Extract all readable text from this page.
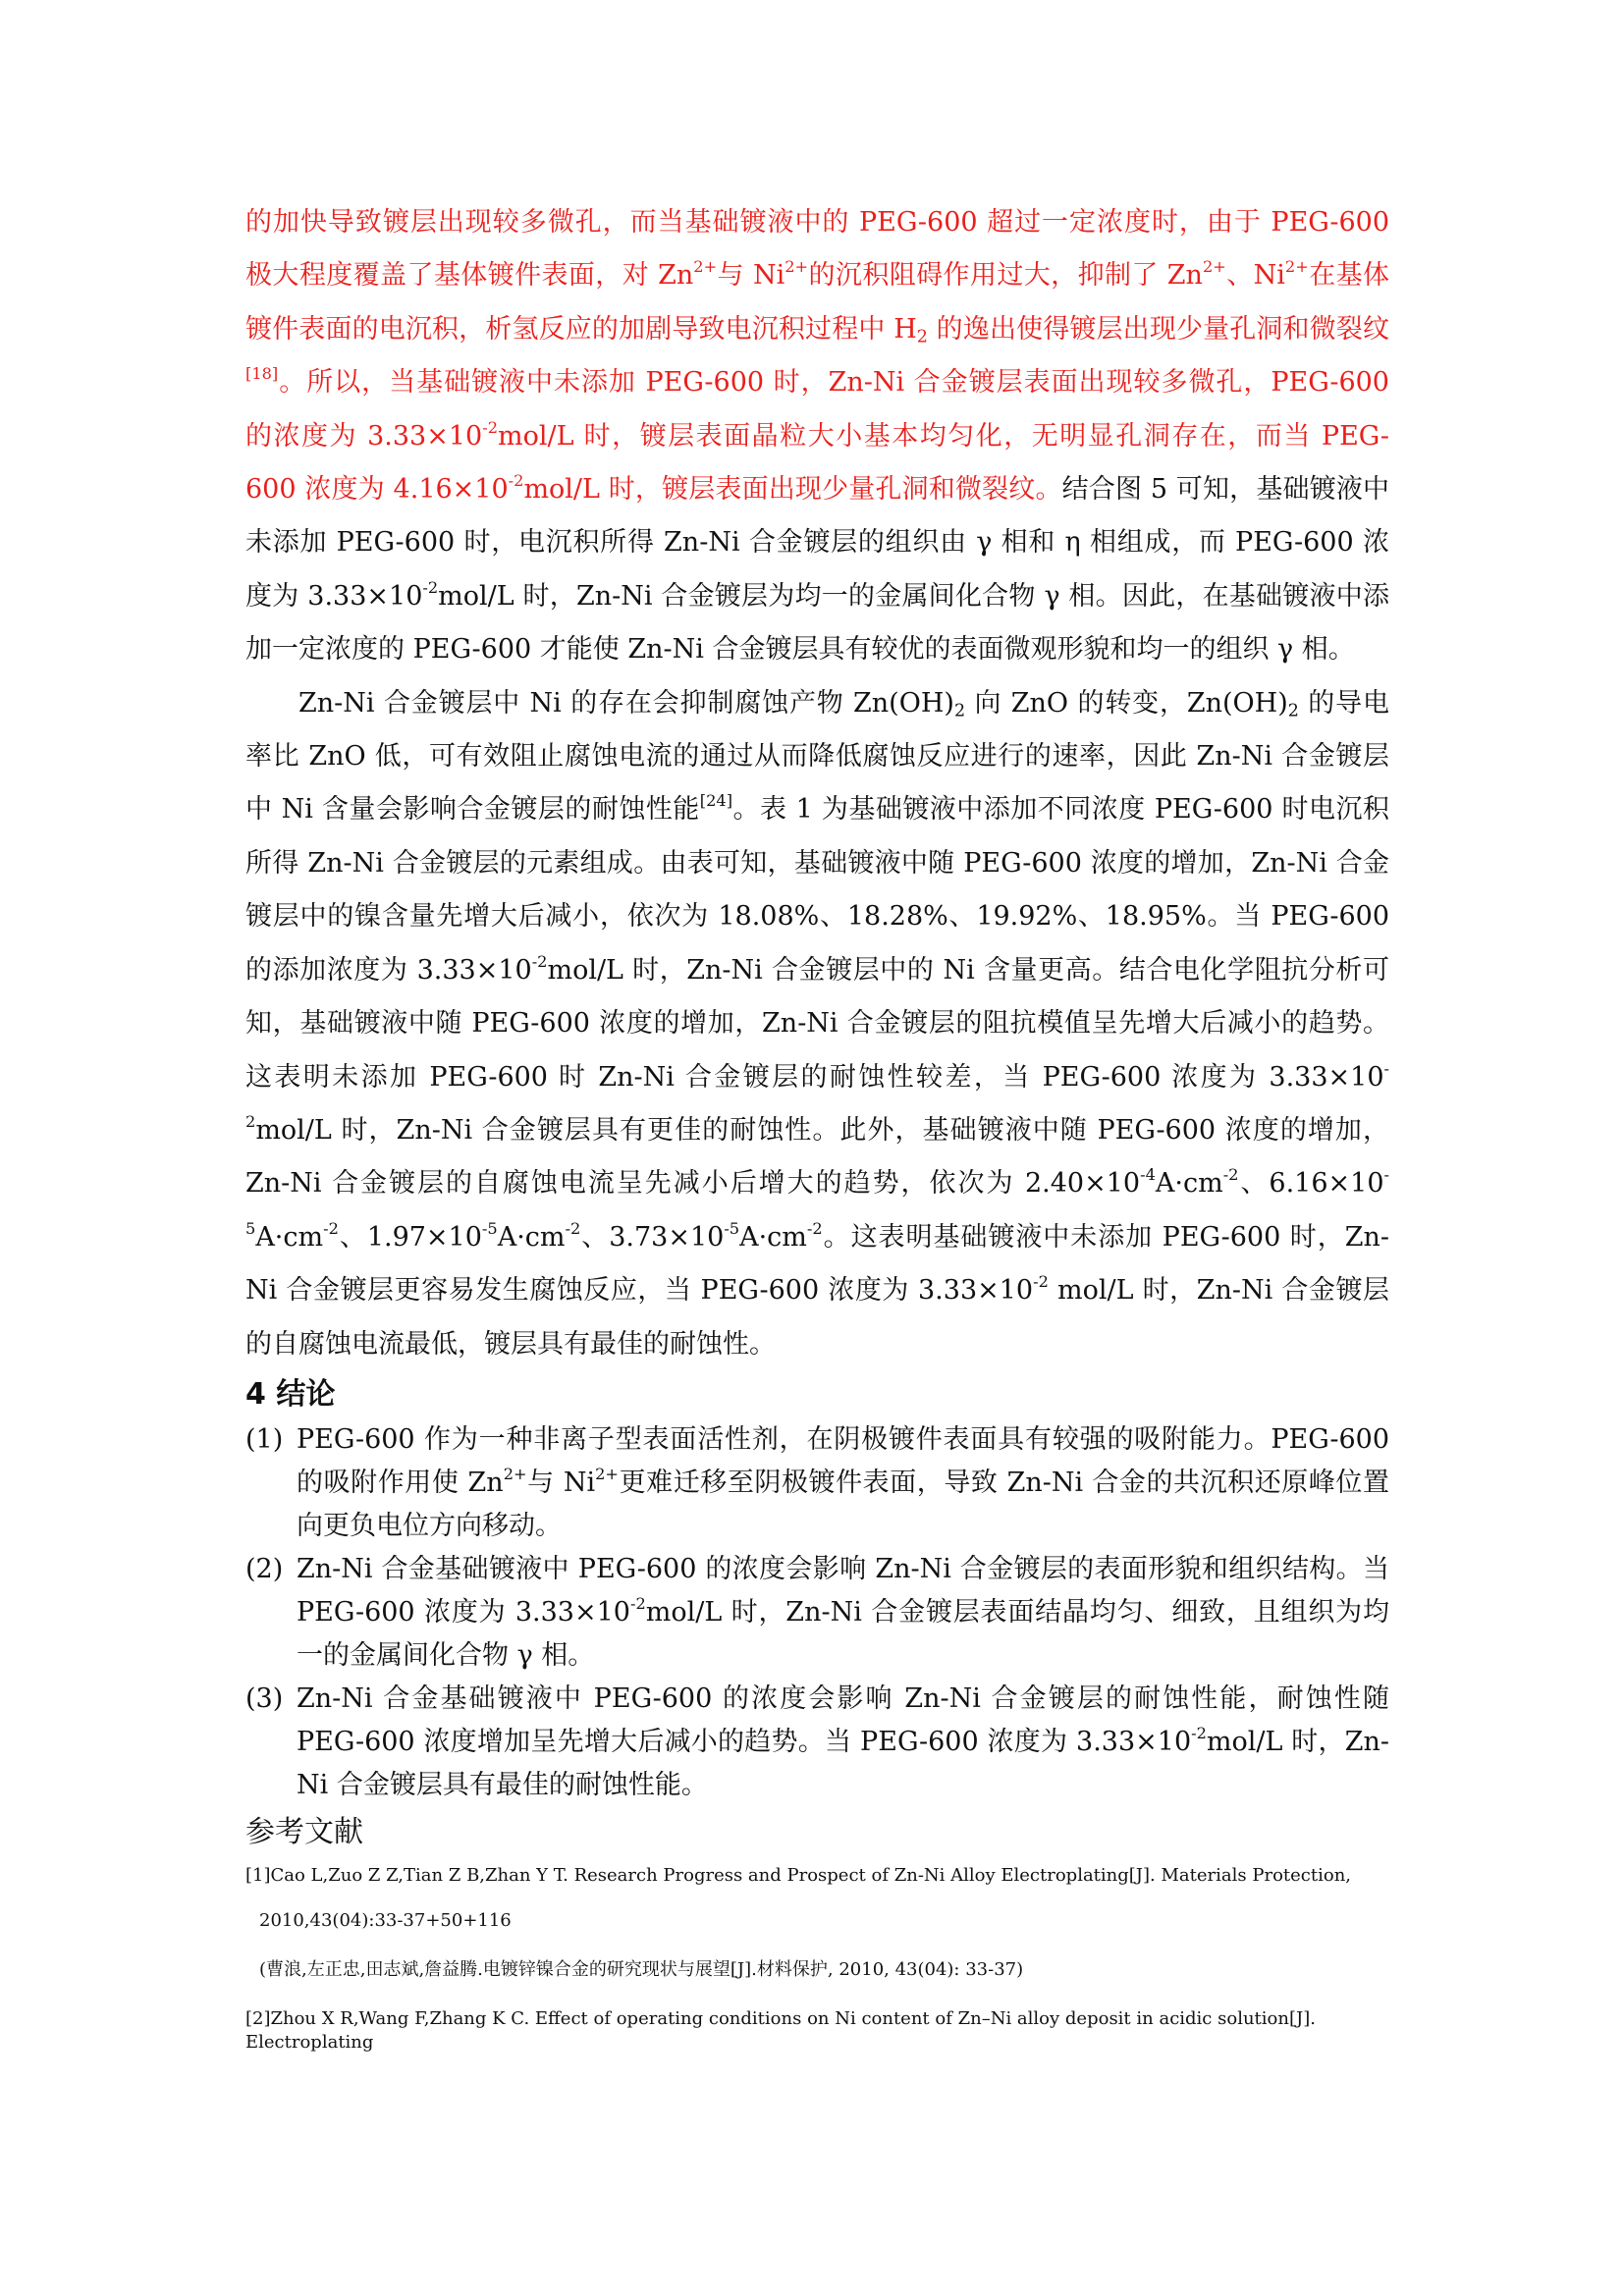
的加快导致镀层出现较多微孔，而当基础镀液中的 PEG-600 超过一定浓度时，由于 PEG-600 极大程度覆盖了基体镀件表面，对 $Zn^{2+}$与 $Ni^{2+}$的沉积阻碍作用过大，抑制了 $Zn^{2+}$、$Ni^{2+}$在基体镀件表面的电沉积，析氢反应的加剧导致电沉积过程中 $H_2$ 的逸出使得镀层出现少量孔洞和微裂纹[18]。所以，当基础镀液中未添加 PEG-600 时，Zn-Ni 合金镀层表面出现较多微孔，PEG-600 的浓度为 $3.33\times 10^{-2}mol/L$ 时，镀层表面晶粒大小基本均匀化，无明显孔洞存在，而当 PEG-600 浓度为 $4.16\times 10^{-2}mol/L$ 时，镀层表面出现少量孔洞和微裂纹。结合图 5 可知，基础镀液中未添加 PEG-600 时，电沉积所得 Zn-Ni 合金镀层的组织由 γ 相和 η 相组成，而 PEG-600 浓度为 $3.33\times 10^{-2}mol/L$ 时，Zn-Ni 合金镀层为均一的金属间化合物 γ 相。因此，在基础镀液中添加一定浓度的 PEG-600 才能使 Zn-Ni 合金镀层具有较优的表面微观形貌和均一的组织 γ 相。

Zn-Ni 合金镀层中 Ni 的存在会抑制腐蚀产物 $Zn(OH)_2$ 向 ZnO 的转变，$Zn(OH)_2$ 的导电率比 ZnO 低，可有效阻止腐蚀电流的通过从而降低腐蚀反应进行的速率，因此 Zn-Ni 合金镀层中 Ni 含量会影响合金镀层的耐蚀性能[24]。表 1 为基础镀液中添加不同浓度 PEG-600 时电沉积所得 Zn-Ni 合金镀层的元素组成。由表可知，基础镀液中随 PEG-600 浓度的增加，Zn-Ni 合金镀层中的镍含量先增大后减小，依次为 18.08%、18.28%、19.92%、18.95%。当 PEG-600 的添加浓度为 $3.33\times 10^{-2}mol/L$ 时，Zn-Ni 合金镀层中的 Ni 含量更高。结合电化学阻抗分析可知，基础镀液中随 PEG-600 浓度的增加，Zn-Ni 合金镀层的阻抗模值呈先增大后减小的趋势。这表明未添加 PEG-600 时 Zn-Ni 合金镀层的耐蚀性较差，当 PEG-600 浓度为 $3.33\times 10^{-2}mol/L$ 时，Zn-Ni 合金镀层具有更佳的耐蚀性。此外，基础镀液中随 PEG-600 浓度的增加，Zn-Ni 合金镀层的自腐蚀电流呈先减小后增大的趋势，依次为 $2.40\times 10^{-4}A\cdot cm^{-2}$、$6.16\times 10^{-5}A\cdot cm^{-2}$、$1.97\times 10^{-5}A\cdot cm^{-2}$、$3.73\times 10^{-5}A\cdot cm^{-2}$。这表明基础镀液中未添加 PEG-600 时，Zn-Ni 合金镀层更容易发生腐蚀反应，当 PEG-600 浓度为 $3.33\times 10^{-2}$ mol/L 时，Zn-Ni 合金镀层的自腐蚀电流最低，镀层具有最佳的耐蚀性。

4 结论
(1) PEG-600 作为一种非离子型表面活性剂，在阴极镀件表面具有较强的吸附能力。PEG-600 的吸附作用使 $Zn^{2+}$与 $Ni^{2+}$更难迁移至阴极镀件表面，导致 Zn-Ni 合金的共沉积还原峰位置向更负电位方向移动。
(2) Zn-Ni 合金基础镀液中 PEG-600 的浓度会影响 Zn-Ni 合金镀层的表面形貌和组织结构。当 PEG-600 浓度为 $3.33\times 10^{-2}mol/L$ 时，Zn-Ni 合金镀层表面结晶均匀、细致，且组织为均一的金属间化合物 γ 相。
(3) Zn-Ni 合金基础镀液中 PEG-600 的浓度会影响 Zn-Ni 合金镀层的耐蚀性能，耐蚀性随 PEG-600 浓度增加呈先增大后减小的趋势。当 PEG-600 浓度为 $3.33\times 10^{-2}mol/L$ 时，Zn-Ni 合金镀层具有最佳的耐蚀性能。
参考文献
[1]Cao L,Zuo Z Z,Tian Z B,Zhan Y T. Research Progress and Prospect of Zn-Ni Alloy Electroplating[J]. Materials Protection,
2010,43(04):33-37+50+116
(曹浪,左正忠,田志斌,詹益腾.电镀锌镍合金的研究现状与展望[J].材料保护, 2010, 43(04): 33-37)
[2]Zhou X R,Wang F,Zhang K C. Effect of operating conditions on Ni content of Zn–Ni alloy deposit in acidic solution[J]. Electroplating
